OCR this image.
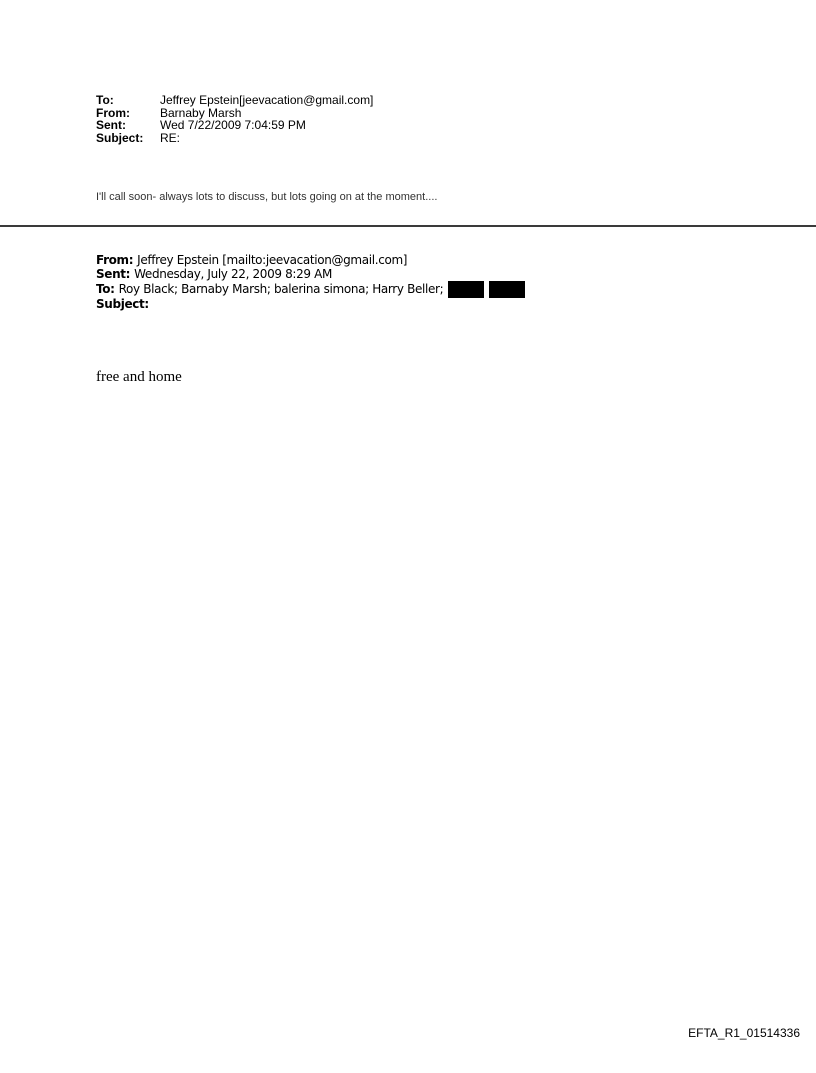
To:	Jeffrey Epstein[jeevacation@gmail.com]
From:	Barnaby Marsh
Sent:	Wed 7/22/2009 7:04:59 PM
Subject:	RE:
I'll call soon- always lots to discuss, but lots going on at the moment....
From: Jeffrey Epstein [mailto:jeevacation@gmail.com]
Sent: Wednesday, July 22, 2009 8:29 AM
To: Roy Black; Barnaby Marsh; balerina simona; Harry Beller;
Subject:
free and home
EFTA_R1_01514336
